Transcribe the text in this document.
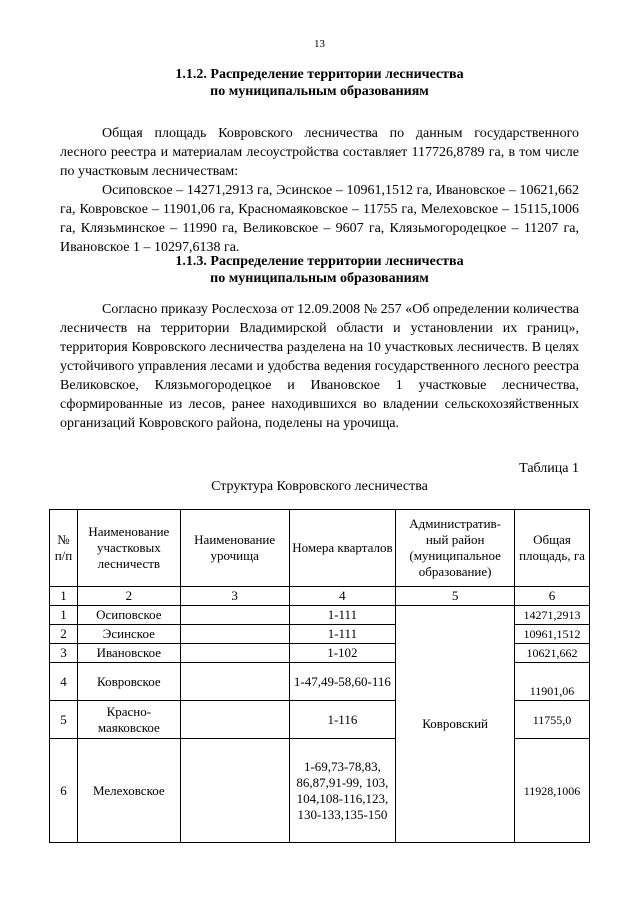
13
1.1.2. Распределение территории лесничества
по муниципальным образованиям

Общая площадь Ковровского лесничества по данным государственного лесного реестра и материалам лесоустройства составляет 117726,8789 га, в том числе по участковым лесничествам:

Осиповское – 14271,2913 га, Эсинское – 10961,1512 га, Ивановское – 10621,662 га, Ковровское – 11901,06 га, Красномаяковское – 11755 га, Мелеховское – 15115,1006 га, Клязьминское – 11990 га, Великовское – 9607 га, Клязьмогородецкое – 11207 га, Ивановское 1 – 10297,6138 га.

1.1.3. Распределение территории лесничества
по муниципальным образованиям

Согласно приказу Рослесхоза от 12.09.2008 № 257 «Об определении количества лесничеств на территории Владимирской области и установлении их границ», территория Ковровского лесничества разделена на 10 участковых лесничеств. В целях устойчивого управления лесами и удобства ведения государственного лесного реестра Великовское, Клязьмогородецкое и Ивановское 1 участковые лесничества, сформированные из лесов, ранее находившихся во владении сельскохозяйственных организаций Ковровского района, поделены на урочища.

Таблица 1
Структура Ковровского лесничества
№ п/п	Наименование участковых лесничеств	Наименование урочища	Номера кварталов	Административ-ный район (муниципальное образование)	Общая площадь, га
1	2	3	4	5	6
1	Осиповское		1-111	Ковровский	14271,2913
2	Эсинское		1-111		10961,1512
3	Ивановское		1-102		10621,662
4	Ковровское		1-47,49-58,60-116		11901,06
5	Красно-маяковское		1-116		11755,0
6	Мелеховское		1-69,73-78,83, 86,87,91-99, 103, 104,108-116,123, 130-133,135-150		11928,1006
